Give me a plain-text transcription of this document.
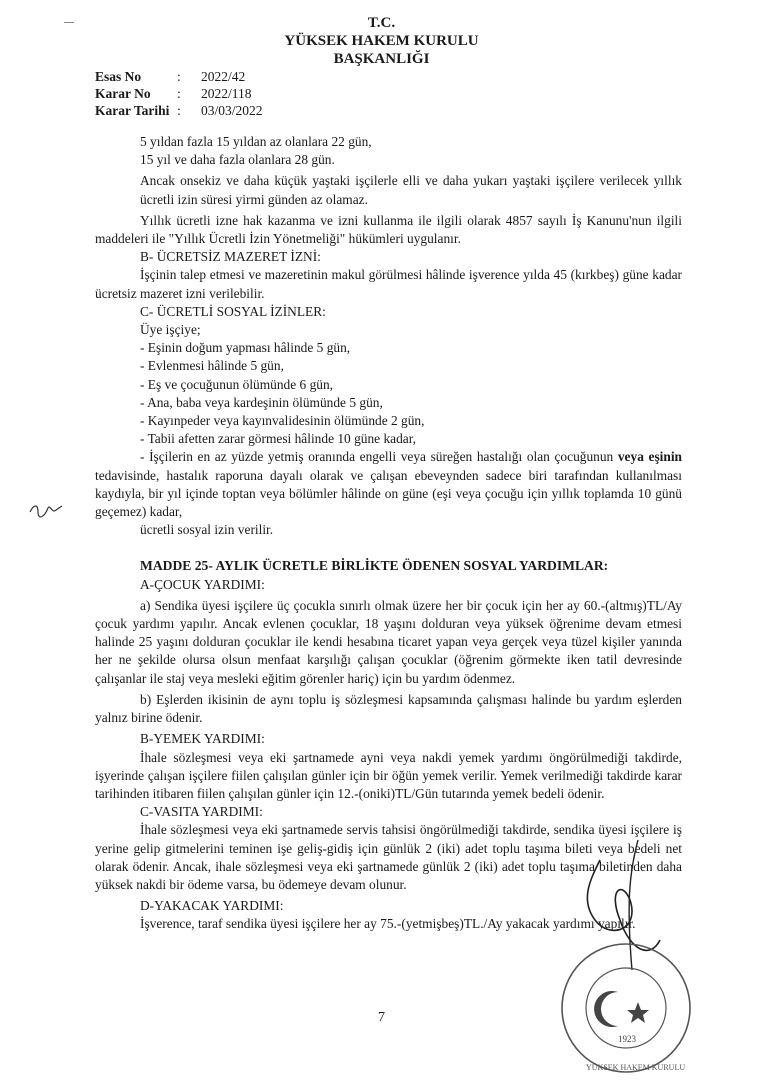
T.C.
YÜKSEK HAKEM KURULU
BAŞKANLIĞI
Esas No	:	2022/42
Karar No	:	2022/118
Karar Tarihi :	03/03/2022

5 yıldan fazla 15 yıldan az olanlara 22 gün,

15 yıl ve daha fazla olanlara 28 gün.

Ancak onsekiz ve daha küçük yaştaki işçilerle elli ve daha yukarı yaştaki işçilere verilecek yıllık ücretli izin süresi yirmi günden az olamaz.

Yıllık ücretli izne hak kazanma ve izni kullanma ile ilgili olarak 4857 sayılı İş Kanunu'nun ilgili maddeleri ile "Yıllık Ücretli İzin Yönetmeliği" hükümleri uygulanır.

B- ÜCRETSİZ MAZERET İZNİ:

İşçinin talep etmesi ve mazeretinin makul görülmesi hâlinde işverence yılda 45 (kırkbeş) güne kadar ücretsiz mazeret izni verilebilir.

C- ÜCRETLİ SOSYAL İZİNLER:

Üye işçiye;

- Eşinin doğum yapması hâlinde 5 gün,

- Evlenmesi hâlinde 5 gün,

- Eş ve çocuğunun ölümünde 6 gün,

- Ana, baba veya kardeşinin ölümünde 5 gün,

- Kayınpeder veya kayınvalidesinin ölümünde 2 gün,

- Tabii afetten zarar görmesi hâlinde 10 güne kadar,

- İşçilerin en az yüzde yetmiş oranında engelli veya süreğen hastalığı olan çocuğunun veya eşinin tedavisinde, hastalık raporuna dayalı olarak ve çalışan ebeveynden sadece biri tarafından kullanılması kaydıyla, bir yıl içinde toptan veya bölümler hâlinde on güne (eşi veya çocuğu için yıllık toplamda 10 günü geçemez) kadar,

ücretli sosyal izin verilir.

MADDE 25- AYLIK ÜCRETLE BİRLİKTE ÖDENEN SOSYAL YARDIMLAR:

A-ÇOCUK YARDIMI:

a) Sendika üyesi işçilere üç çocukla sınırlı olmak üzere her bir çocuk için her ay 60.-(altmış)TL/Ay çocuk yardımı yapılır. Ancak evlenen çocuklar, 18 yaşını dolduran veya yüksek öğrenime devam etmesi halinde 25 yaşını dolduran çocuklar ile kendi hesabına ticaret yapan veya gerçek veya tüzel kişiler yanında her ne şekilde olursa olsun menfaat karşılığı çalışan çocuklar (öğrenim görmekte iken tatil devresinde çalışanlar ile staj veya mesleki eğitim görenler hariç) için bu yardım ödenmez.

b) Eşlerden ikisinin de aynı toplu iş sözleşmesi kapsamında çalışması halinde bu yardım eşlerden yalnız birine ödenir.

B-YEMEK YARDIMI:

İhale sözleşmesi veya eki şartnamede ayni veya nakdi yemek yardımı öngörülmediği takdirde, işyerinde çalışan işçilere fiilen çalışılan günler için bir öğün yemek verilir. Yemek verilmediği takdirde karar tarihinden itibaren fiilen çalışılan günler için 12.-(oniki)TL/Gün tutarında yemek bedeli ödenir.

C-VASITA YARDIMI:

İhale sözleşmesi veya eki şartnamede servis tahsisi öngörülmediği takdirde, sendika üyesi işçilere iş yerine gelip gitmelerini teminen işe geliş-gidiş için günlük 2 (iki) adet toplu taşıma bileti veya bedeli net olarak ödenir. Ancak, ihale sözleşmesi veya eki şartnamede günlük 2 (iki) adet toplu taşıma biletinden daha yüksek nakdi bir ödeme varsa, bu ödemeye devam olunur.

D-YAKACAK YARDIMI:

İşverence, taraf sendika üyesi işçilere her ay 75.-(yetmişbeş)TL./Ay yakacak yardımı yapılır.

1923
YÜKSEK HAKEM KURULU
7
